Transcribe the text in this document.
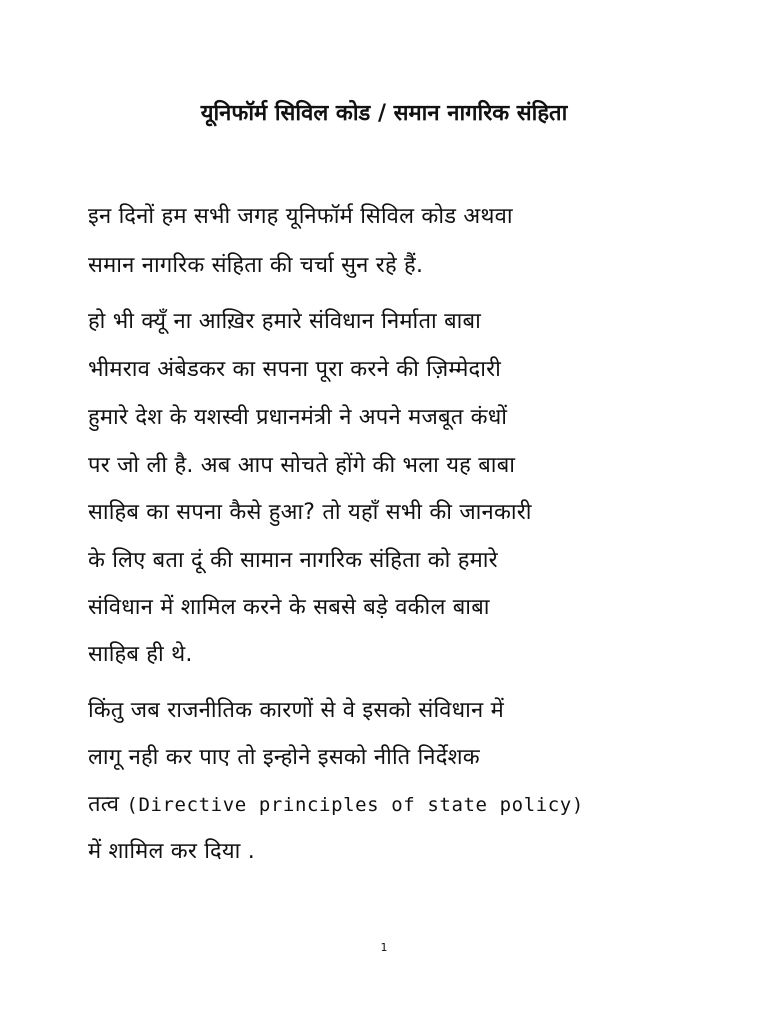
यूनिफॉर्म सिविल कोड / समान नागरिक संहिता
इन दिनों हम सभी जगह यूनिफॉर्म सिविल कोड अथवा
समान नागरिक संहिता की चर्चा सुन रहे हैं.
हो भी क्यूँ ना आख़िर हमारे संविधान निर्माता बाबा
भीमराव अंबेडकर का सपना पूरा करने की ज़िम्मेदारी
हुमारे देश के यशस्वी प्रधानमंत्री ने अपने मजबूत कंधों
पर जो ली है. अब आप सोचते होंगे की भला यह बाबा
साहिब का सपना कैसे हुआ? तो यहाँ सभी की जानकारी
के लिए बता दूं की सामान नागरिक संहिता को हमारे
संविधान में शामिल करने के सबसे बड़े वकील बाबा
साहिब ही थे.
किंतु जब राजनीतिक कारणों से वे इसको संविधान में
लागू नही कर पाए तो इन्होने इसको नीति निर्देशक
तत्व (Directive principles of state policy)
में शामिल कर दिया .
1
